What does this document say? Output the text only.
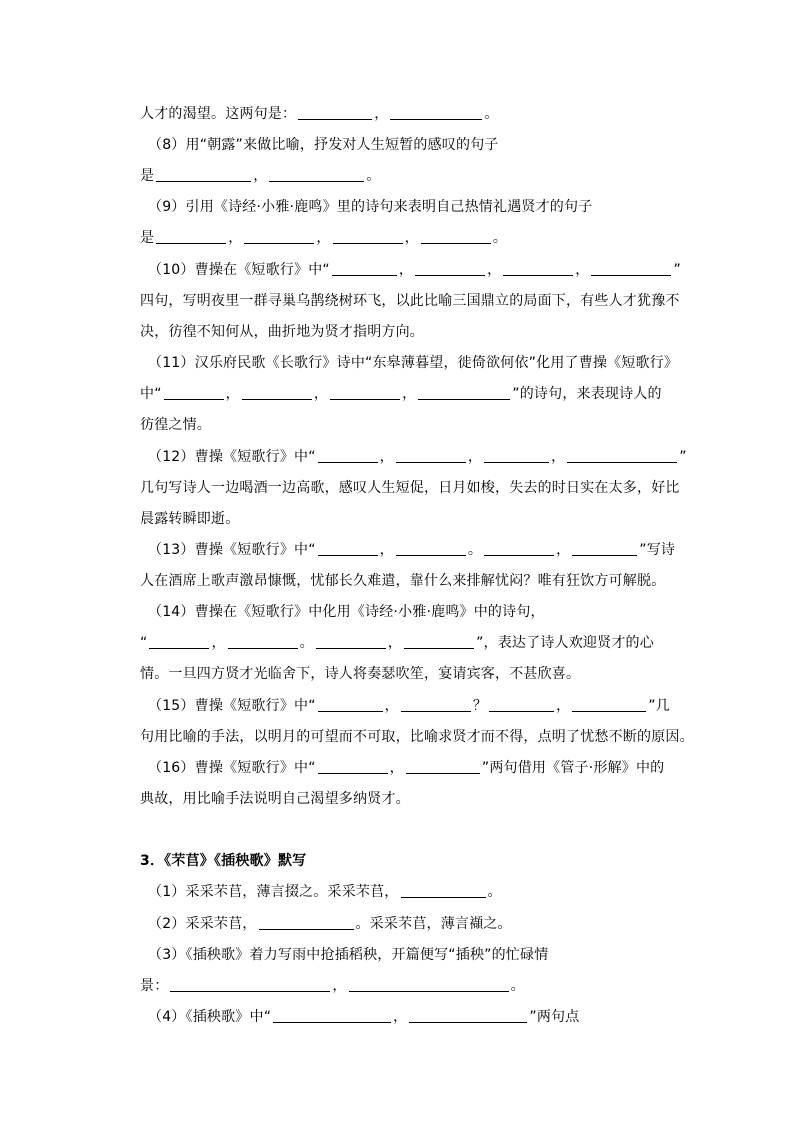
人才的渴望。这两句是：	，	。
（8）用“朝露”来做比喻，抒发对人生短暂的感叹的句子
是	，	。
（9）引用《诗经·小雅·鹿鸣》里的诗句来表明自己热情礼遇贤才的句子
是	，	，	，	。
（10）曹操在《短歌行》中“	，	，	，	”
四句，写明夜里一群寻巢乌鹊绕树环飞，以此比喻三国鼎立的局面下，有些人才犹豫不
决，彷徨不知何从，曲折地为贤才指明方向。
（11）汉乐府民歌《长歌行》诗中“东皋薄暮望，徙倚欲何依”化用了曹操《短歌行》
中“	，	，	，	”的诗句，来表现诗人的
彷徨之情。
（12）曹操《短歌行》中“	，	，	，	”
几句写诗人一边喝酒一边高歌，感叹人生短促，日月如梭，失去的时日实在太多，好比
晨露转瞬即逝。
（13）曹操《短歌行》中“	，	。	，	”写诗
人在酒席上歌声激昂慷慨，忧郁长久难遣，靠什么来排解忧闷？唯有狂饮方可解脱。
（14）曹操在《短歌行》中化用《诗经·小雅·鹿鸣》中的诗句，
“	，	。	，	”，表达了诗人欢迎贤才的心
情。一旦四方贤才光临舍下，诗人将奏瑟吹笙，宴请宾客，不甚欣喜。
（15）曹操《短歌行》中“	，	？	，	”几
句用比喻的手法，以明月的可望而不可取，比喻求贤才而不得，点明了忧愁不断的原因。
（16）曹操《短歌行》中“	，	”两句借用《管子·形解》中的
典故，用比喻手法说明自己渴望多纳贤才。
3．《芣苢》《插秧歌》默写
（1）采采芣苢，薄言掇之。采采芣苢，	。
（2）采采芣苢，	。采采芣苢，薄言襭之。
（3）《插秧歌》着力写雨中抢插稻秧，开篇便写“插秧”的忙碌情
景：	，	。
（4）《插秧歌》中“	，	”两句点
